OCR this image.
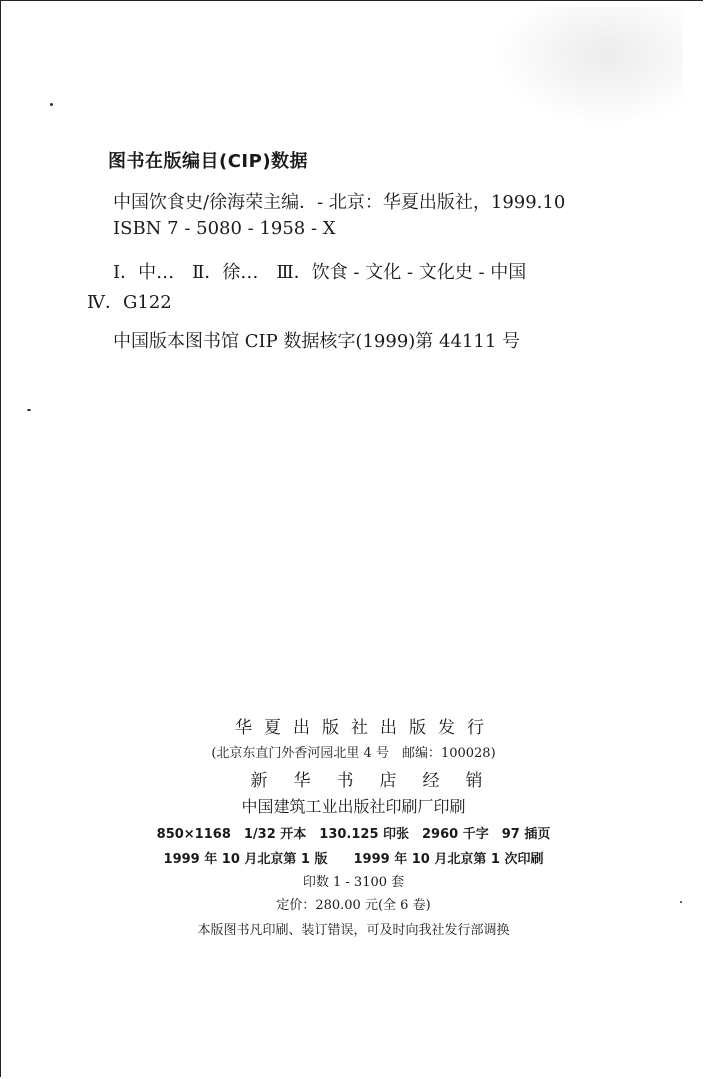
图书在版编目(CIP)数据
中国饮食史/徐海荣主编．- 北京：华夏出版社，1999.10
ISBN 7 - 5080 - 1958 - X
Ⅰ．中…　Ⅱ．徐…　Ⅲ．饮食 - 文化 - 文化史 - 中国
Ⅳ．G122
中国版本图书馆 CIP 数据核字(1999)第 44111 号
华夏出版社出版发行
(北京东直门外香河园北里 4 号　邮编：100028)
新华书店经销
中国建筑工业出版社印刷厂印刷
850×1168　1/32 开本　130.125 印张　2960 千字　97 插页
1999 年 10 月北京第 1 版　　1999 年 10 月北京第 1 次印刷
印数 1 - 3100 套
定价：280.00 元(全 6 卷)
本版图书凡印刷、装订错误，可及时向我社发行部调换
